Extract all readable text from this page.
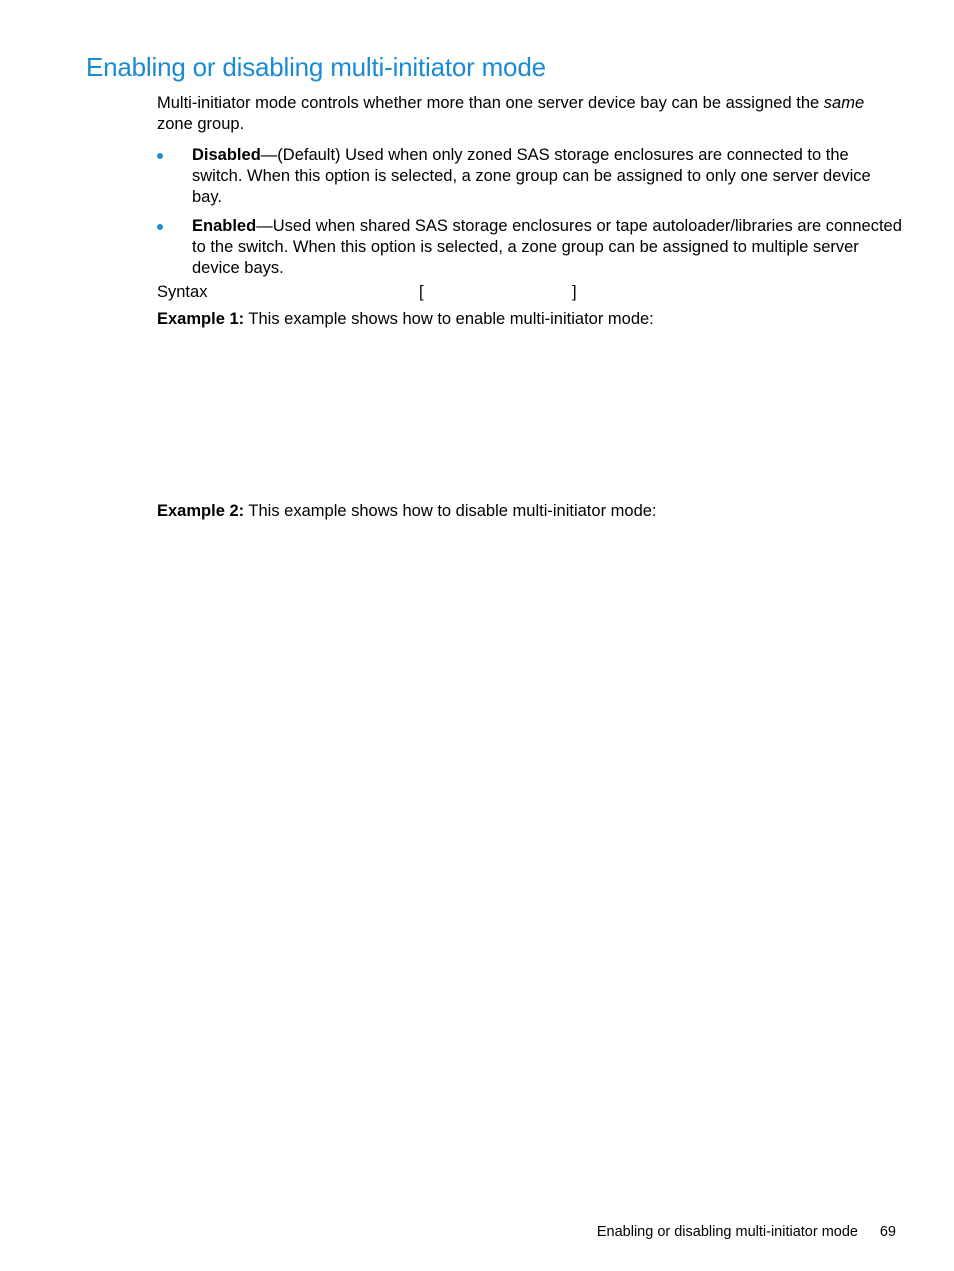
Enabling or disabling multi-initiator mode
Multi-initiator mode controls whether more than one server device bay can be assigned the same zone group.
Disabled—(Default) Used when only zoned SAS storage enclosures are connected to the switch. When this option is selected, a zone group can be assigned to only one server device bay.
Enabled—Used when shared SAS storage enclosures or tape autoloader/libraries are connected to the switch. When this option is selected, a zone group can be assigned to multiple server device bays.
Syntax	[	]
Example 1: This example shows how to enable multi-initiator mode:
Example 2: This example shows how to disable multi-initiator mode:
Enabling or disabling multi-initiator mode 69
